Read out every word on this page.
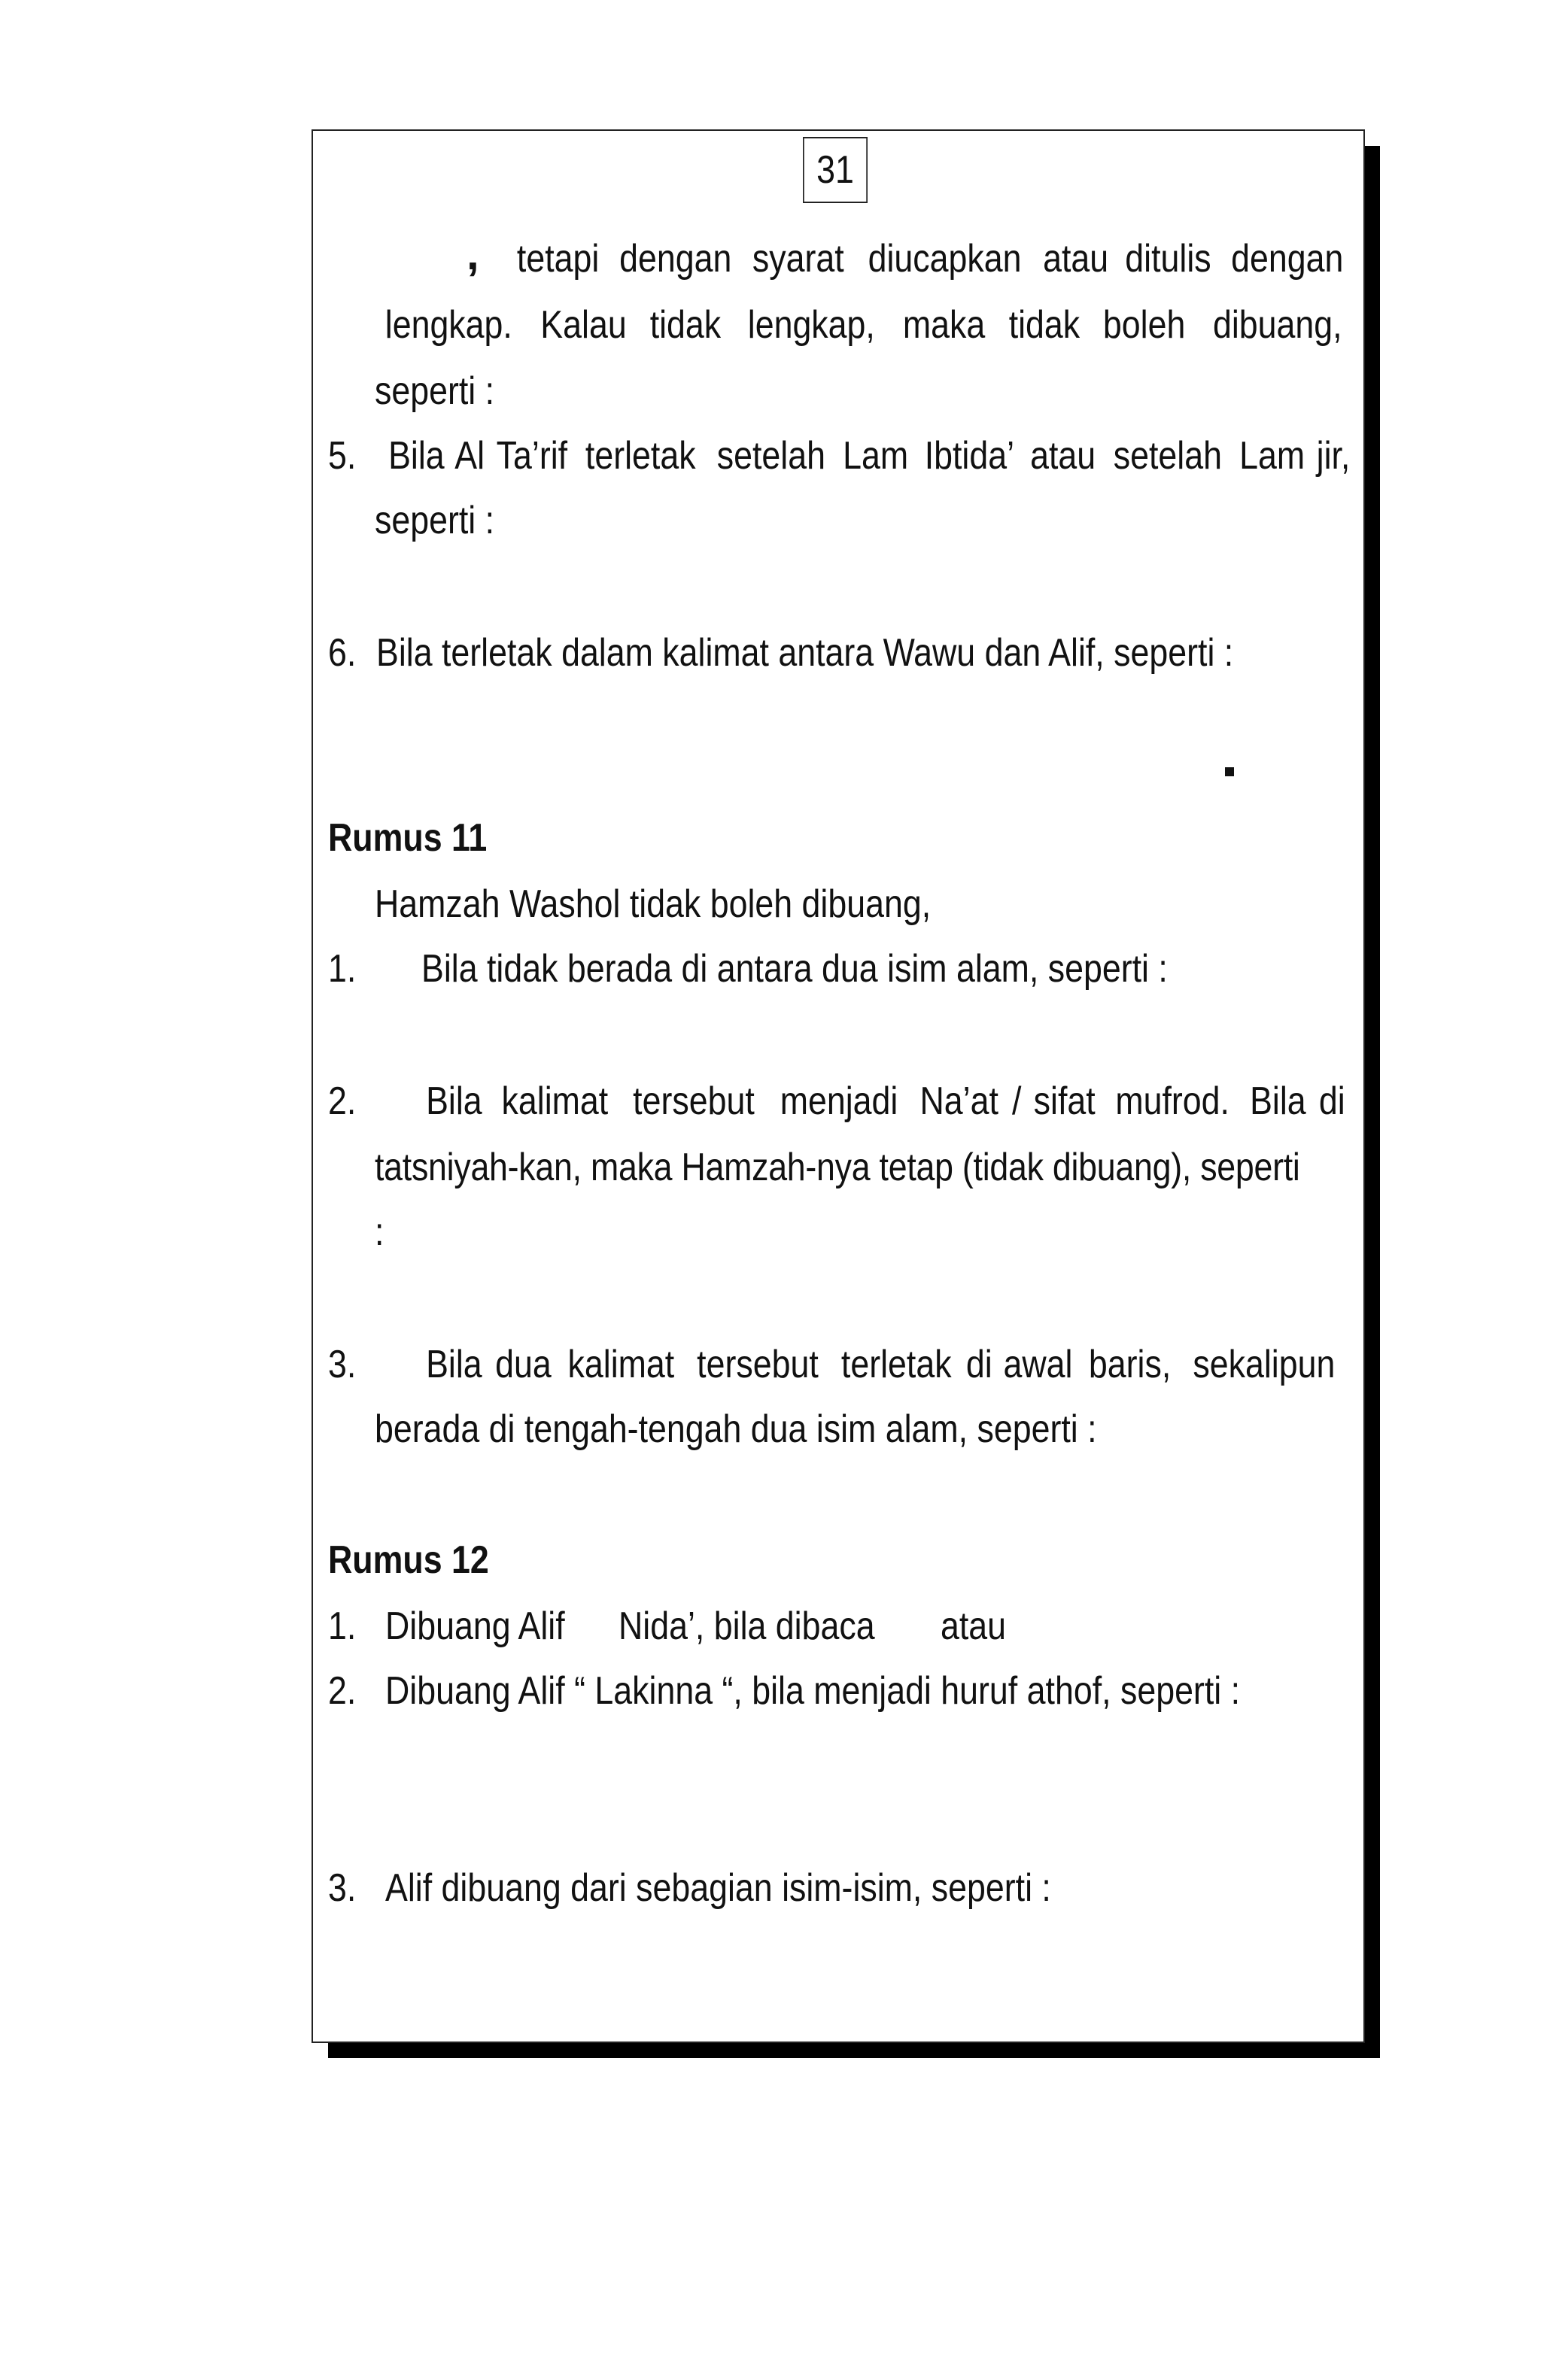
31
, tetapi dengan syarat diucapkan atau ditulis dengan
lengkap. Kalau tidak lengkap, maka tidak boleh dibuang,
seperti :
5. Bila Al Ta’rif terletak setelah Lam Ibtida’ atau setelah Lam jir,
seperti :
6. Bila terletak dalam kalimat antara Wawu dan Alif, seperti :
Rumus 11
Hamzah Washol tidak boleh dibuang,
1. Bila tidak berada di antara dua isim alam, seperti :
2. Bila kalimat tersebut menjadi Na’at / sifat mufrod. Bila di
tatsniyah-kan, maka Hamzah-nya tetap (tidak dibuang), seperti
:
3. Bila dua kalimat tersebut terletak di awal baris, sekalipun
berada di tengah-tengah dua isim alam, seperti :
Rumus 12
1. Dibuang Alif Nida’, bila dibaca atau
2. Dibuang Alif “ Lakinna “, bila menjadi huruf athof, seperti :
3. Alif dibuang dari sebagian isim-isim, seperti :
